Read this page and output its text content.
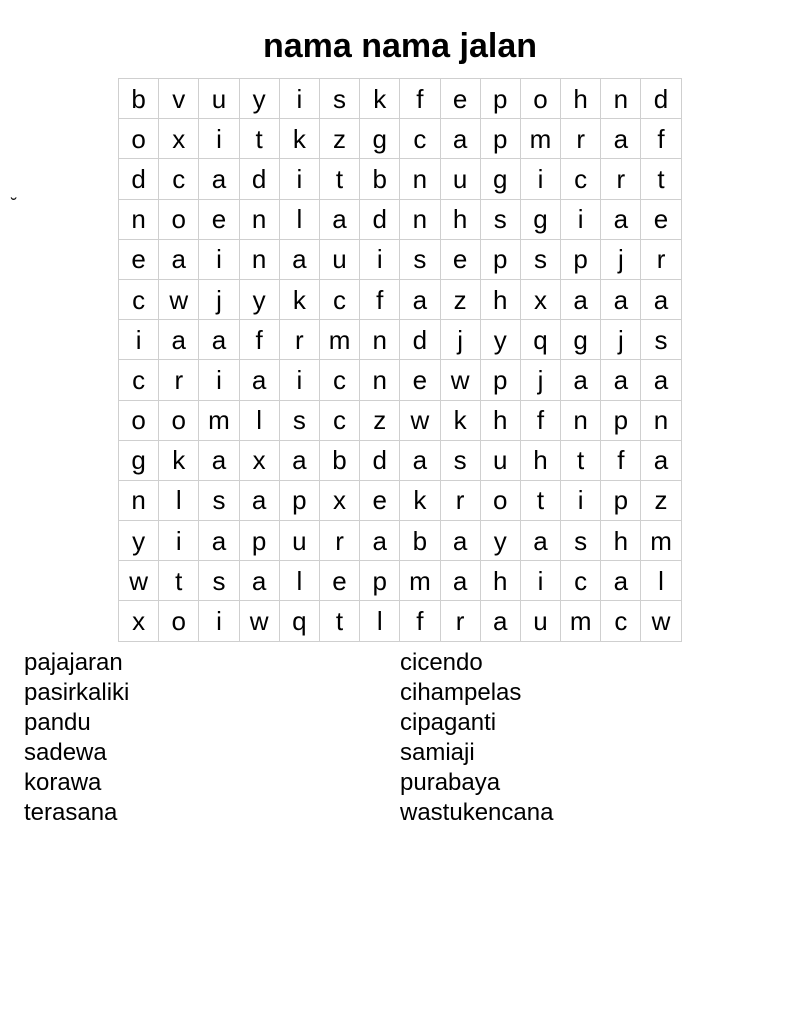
nama nama jalan
˘
b	v	u	y	i	s	k	f	e p o h n d
o	x	i	t	k	z	g	c	a p m r	a	f
d	c	a d	i	t	b n u g	i	c	r	t
n o e n	l	a d n h	s	g	i	a e
e a	i	n a u	i	s	e p	s	p	j	r
c w	j	y	k	c	f	a	z	h	x	a a a
i	a a	f	r m n d	j	y	q g	j	s
c	r	i	a	i	c	n e w p	j	a a a
o o m	l	s	c	z w k	h	f	n p n
g	k	a	x	a b d a	s	u h	t	f	a
n	l	s	a p	x	e	k	r	o	t	i	p	z
y	i	a p u	r	a b a	y	a	s	h m
w	t	s	a	l	e p m a h	i	c	a	l
x	o	i	w q	t	l	f	r	a u m c w
pajajaran
pasirkaliki
pandu
sadewa
korawa
terasana
cicendo
cihampelas
cipaganti
samiaji
purabaya
wastukencana
